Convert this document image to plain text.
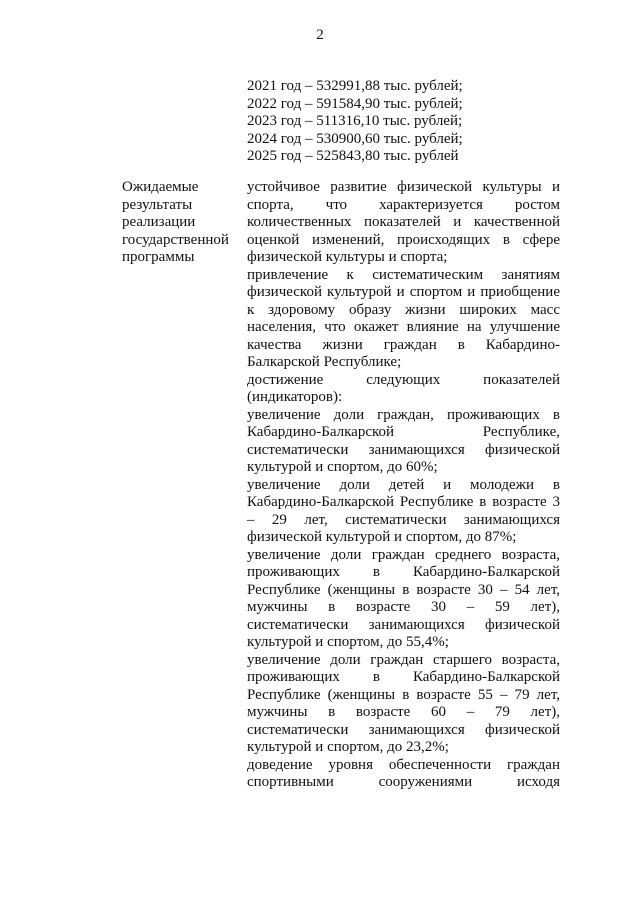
2
2021 год – 532991,88 тыс. рублей;
2022 год – 591584,90 тыс. рублей;
2023 год – 511316,10 тыс. рублей;
2024 год – 530900,60 тыс. рублей;
2025 год – 525843,80 тыс. рублей
Ожидаемые
результаты
реализации
государственной
программы

устойчивое развитие физической культуры и спорта, что характеризуется ростом количественных показателей и качественной оценкой изменений, происходящих в сфере физической культуры и спорта;

привлечение к систематическим занятиям физической культурой и спортом и приобщение к здоровому образу жизни широких масс населения, что окажет влияние на улучшение качества жизни граждан в Кабардино-Балкарской Республике;

достижение следующих показателей (индикаторов):

увеличение доли граждан, проживающих в Кабардино-Балкарской Республике, систематически занимающихся физической культурой и спортом, до 60%;

увеличение доли детей и молодежи в Кабардино-Балкарской Республике в возрасте 3 – 29 лет, систематически занимающихся физической культурой и спортом, до 87%;

увеличение доли граждан среднего возраста, проживающих в Кабардино-Балкарской Республике (женщины в возрасте 30 – 54 лет, мужчины в возрасте 30 – 59 лет), систематически занимающихся физической культурой и спортом, до 55,4%;

увеличение доли граждан старшего возраста, проживающих в Кабардино-Балкарской Республике (женщины в возрасте 55 – 79 лет, мужчины в возрасте 60 – 79 лет), систематически занимающихся физической культурой и спортом, до 23,2%;

доведение уровня обеспеченности граждан спортивными сооружениями исходя
